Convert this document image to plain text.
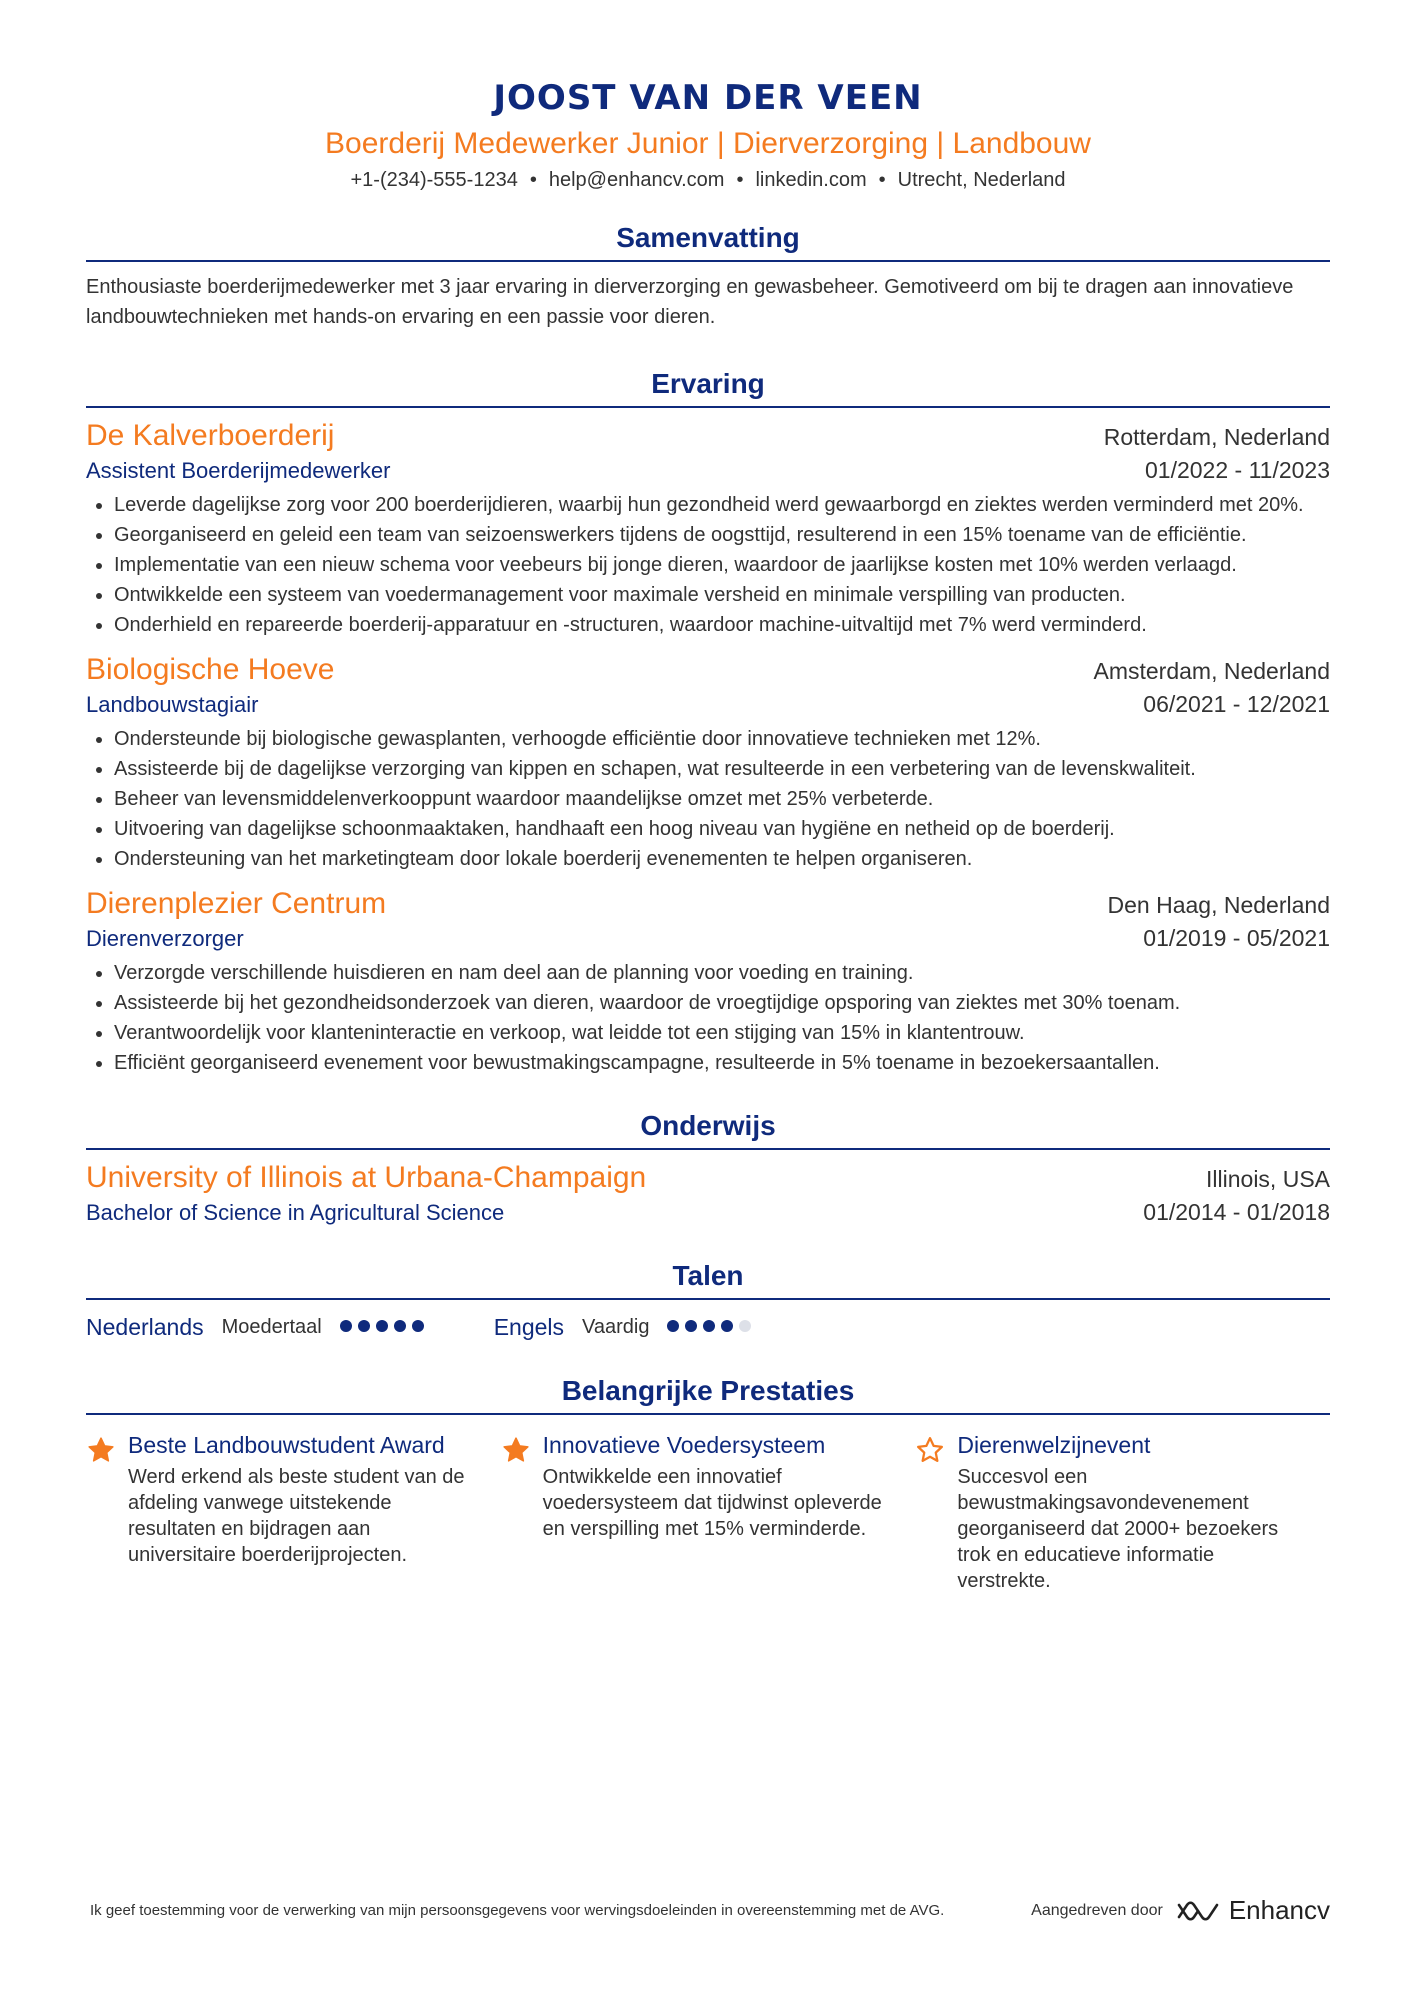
JOOST VAN DER VEEN
Boerderij Medewerker Junior | Dierverzorging | Landbouw
+1-(234)-555-1234 • help@enhancv.com • linkedin.com • Utrecht, Nederland
Samenvatting
Enthousiaste boerderijmedewerker met 3 jaar ervaring in dierverzorging en gewasbeheer. Gemotiveerd om bij te dragen aan innovatieve landbouwtechnieken met hands-on ervaring en een passie voor dieren.
Ervaring
De Kalverboerderij	Rotterdam, Nederland
Assistent Boerderijmedewerker	01/2022 - 11/2023
• Leverde dagelijkse zorg voor 200 boerderijdieren, waarbij hun gezondheid werd gewaarborgd en ziektes werden verminderd met 20%.
• Georganiseerd en geleid een team van seizoenswerkers tijdens de oogsttijd, resulterend in een 15% toename van de efficiëntie.
• Implementatie van een nieuw schema voor veebeurs bij jonge dieren, waardoor de jaarlijkse kosten met 10% werden verlaagd.
• Ontwikkelde een systeem van voedermanagement voor maximale versheid en minimale verspilling van producten.
• Onderhield en repareerde boerderij-apparatuur en -structuren, waardoor machine-uitvaltijd met 7% werd verminderd.
Biologische Hoeve	Amsterdam, Nederland
Landbouwstagiair	06/2021 - 12/2021
• Ondersteunde bij biologische gewasplanten, verhoogde efficiëntie door innovatieve technieken met 12%.
• Assisteerde bij de dagelijkse verzorging van kippen en schapen, wat resulteerde in een verbetering van de levenskwaliteit.
• Beheer van levensmiddelenverkooppunt waardoor maandelijkse omzet met 25% verbeterde.
• Uitvoering van dagelijkse schoonmaaktaken, handhaaft een hoog niveau van hygiëne en netheid op de boerderij.
• Ondersteuning van het marketingteam door lokale boerderij evenementen te helpen organiseren.
Dierenplezier Centrum	Den Haag, Nederland
Dierenverzorger	01/2019 - 05/2021
• Verzorgde verschillende huisdieren en nam deel aan de planning voor voeding en training.
• Assisteerde bij het gezondheidsonderzoek van dieren, waardoor de vroegtijdige opsporing van ziektes met 30% toenam.
• Verantwoordelijk voor klanteninteractie en verkoop, wat leidde tot een stijging van 15% in klantentrouw.
• Efficiënt georganiseerd evenement voor bewustmakingscampagne, resulteerde in 5% toename in bezoekersaantallen.
Onderwijs
University of Illinois at Urbana-Champaign	Illinois, USA
Bachelor of Science in Agricultural Science	01/2014 - 01/2018
Talen
Nederlands Moedertaal	Engels Vaardig
Belangrijke Prestaties
Beste Landbouwstudent Award
Werd erkend als beste student van de afdeling vanwege uitstekende resultaten en bijdragen aan universitaire boerderijprojecten.
Innovatieve Voedersysteem
Ontwikkelde een innovatief voedersysteem dat tijdwinst opleverde en verspilling met 15% verminderde.
Dierenwelzijnevent
Succesvol een bewustmakingsavondevenement georganiseerd dat 2000+ bezoekers trok en educatieve informatie verstrekte.
Ik geef toestemming voor de verwerking van mijn persoonsgegevens voor wervingsdoeleinden in overeenstemming met de AVG.	Aangedreven door	Enhancv
